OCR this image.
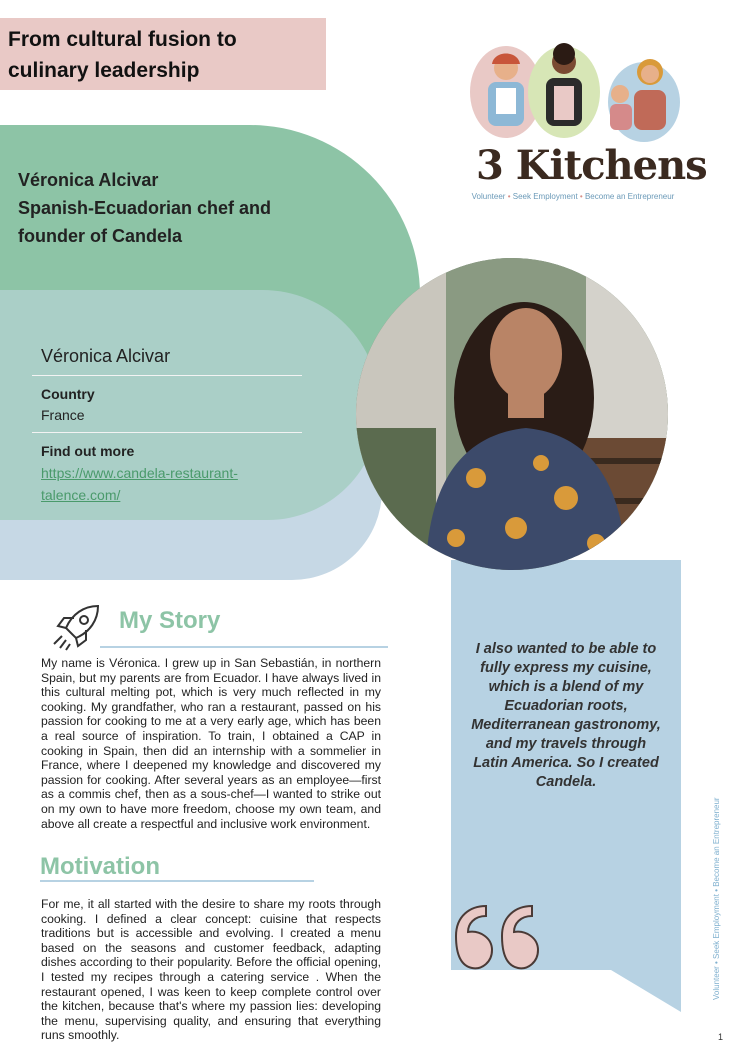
From cultural fusion to
culinary leadership
Véronica Alcivar
Spanish-Ecuadorian chef and
founder of Candela
Véronica Alcivar
Country
France
Find out more
https://www.candela-restaurant-
talence.com/
I also wanted to be able to fully express my cuisine, which is a blend of my Ecuadorian roots, Mediterranean gastronomy, and my travels through Latin America. So I created Candela.
3 Kitchens
Volunteer • Seek Employment • Become an Entrepreneur
My Story

My name is Véronica. I grew up in San Sebastián, in northern Spain, but my parents are from Ecuador. I have always lived in this cultural melting pot, which is very much reflected in my cooking. My grandfather, who ran a restaurant, passed on his passion for cooking to me at a very early age, which has been a real source of inspiration. To train, I obtained a CAP in cooking in Spain, then did an internship with a sommelier in France, where I deepened my knowledge and discovered my passion for cooking. After several years as an employee—first as a commis chef, then as a sous-chef—I wanted to strike out on my own to have more freedom, choose my own team, and above all create a respectful and inclusive work environment.

Motivation

For me, it all started with the desire to share my roots through cooking. I defined a clear concept: cuisine that respects traditions but is accessible and evolving. I created a menu based on the seasons and customer feedback, adapting dishes according to their popularity. Before the official opening, I tested my recipes through a catering service . When the restaurant opened, I was keen to keep complete control over the kitchen, because that's where my passion lies: developing the menu, supervising quality, and ensuring that everything runs smoothly.

Volunteer • Seek Employment • Become an Entrepreneur
1
